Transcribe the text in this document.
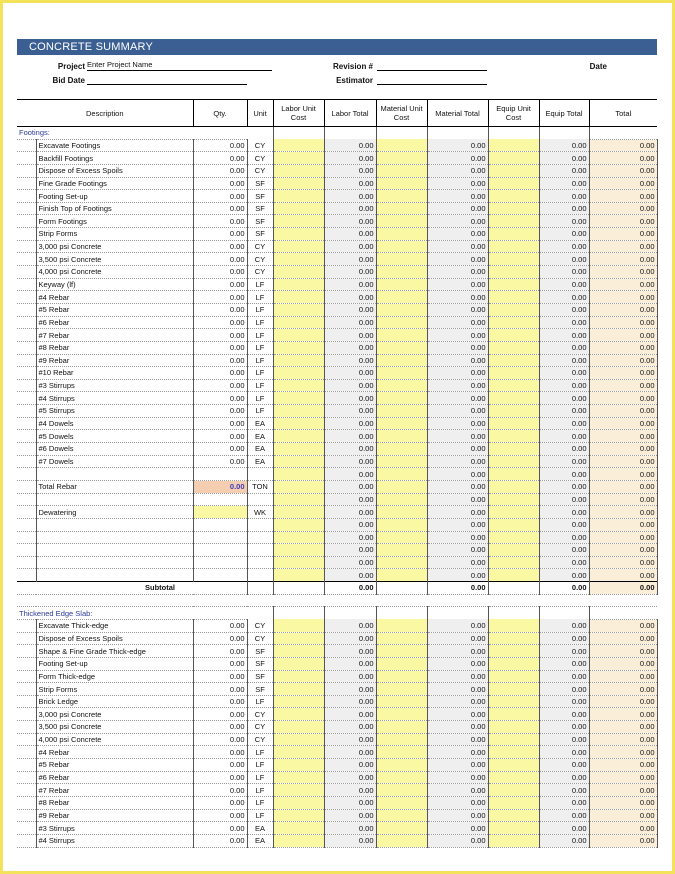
CONCRETE SUMMARY
Project Enter Project Name
Bid Date
Revision #
Estimator
Date
Description		Qty.	Unit	Labor Unit Cost	Labor Total	Material Unit Cost	Material Total	Equip Unit Cost	Equip Total	Total
Footings:										
	Excavate Footings	0.00	CY		0.00		0.00		0.00	0.00
	Backfill Footings	0.00	CY		0.00		0.00		0.00	0.00
	Dispose of Excess Spoils	0.00	CY		0.00		0.00		0.00	0.00
	Fine Grade Footings	0.00	SF		0.00		0.00		0.00	0.00
	Footing Set-up	0.00	SF		0.00		0.00		0.00	0.00
	Finish Top of Footings	0.00	SF		0.00		0.00		0.00	0.00
	Form Footings	0.00	SF		0.00		0.00		0.00	0.00
	Strip Forms	0.00	SF		0.00		0.00		0.00	0.00
	3,000 psi Concrete	0.00	CY		0.00		0.00		0.00	0.00
	3,500 psi Concrete	0.00	CY		0.00		0.00		0.00	0.00
	4,000 psi Concrete	0.00	CY		0.00		0.00		0.00	0.00
	Keyway (lf)	0.00	LF		0.00		0.00		0.00	0.00
	#4 Rebar	0.00	LF		0.00		0.00		0.00	0.00
	#5 Rebar	0.00	LF		0.00		0.00		0.00	0.00
	#6 Rebar	0.00	LF		0.00		0.00		0.00	0.00
	#7 Rebar	0.00	LF		0.00		0.00		0.00	0.00
	#8 Rebar	0.00	LF		0.00		0.00		0.00	0.00
	#9 Rebar	0.00	LF		0.00		0.00		0.00	0.00
	#10 Rebar	0.00	LF		0.00		0.00		0.00	0.00
	#3 Stirrups	0.00	LF		0.00		0.00		0.00	0.00
	#4 Stirrups	0.00	LF		0.00		0.00		0.00	0.00
	#5 Stirrups	0.00	LF		0.00		0.00		0.00	0.00
	#4 Dowels	0.00	EA		0.00		0.00		0.00	0.00
	#5 Dowels	0.00	EA		0.00		0.00		0.00	0.00
	#6 Dowels	0.00	EA		0.00		0.00		0.00	0.00
	#7 Dowels	0.00	EA		0.00		0.00		0.00	0.00
					0.00		0.00		0.00	0.00
	Total Rebar	0.00	TON		0.00		0.00		0.00	0.00
					0.00		0.00		0.00	0.00
	Dewatering		WK		0.00		0.00		0.00	0.00
					0.00		0.00		0.00	0.00
					0.00		0.00		0.00	0.00
					0.00		0.00		0.00	0.00
					0.00		0.00		0.00	0.00
					0.00		0.00		0.00	0.00
Subtotal					0.00		0.00		0.00	0.00

Thickened Edge Slab:										
	Excavate Thick-edge	0.00	CY		0.00		0.00		0.00	0.00
	Dispose of Excess Spoils	0.00	CY		0.00		0.00		0.00	0.00
	Shape & Fine Grade Thick-edge	0.00	SF		0.00		0.00		0.00	0.00
	Footing Set-up	0.00	SF		0.00		0.00		0.00	0.00
	Form Thick-edge	0.00	SF		0.00		0.00		0.00	0.00
	Strip Forms	0.00	SF		0.00		0.00		0.00	0.00
	Brick Ledge	0.00	LF		0.00		0.00		0.00	0.00
	3,000 psi Concrete	0.00	CY		0.00		0.00		0.00	0.00
	3,500 psi Concrete	0.00	CY		0.00		0.00		0.00	0.00
	4,000 psi Concrete	0.00	CY		0.00		0.00		0.00	0.00
	#4 Rebar	0.00	LF		0.00		0.00		0.00	0.00
	#5 Rebar	0.00	LF		0.00		0.00		0.00	0.00
	#6 Rebar	0.00	LF		0.00		0.00		0.00	0.00
	#7 Rebar	0.00	LF		0.00		0.00		0.00	0.00
	#8 Rebar	0.00	LF		0.00		0.00		0.00	0.00
	#9 Rebar	0.00	LF		0.00		0.00		0.00	0.00
	#3 Stirrups	0.00	EA		0.00		0.00		0.00	0.00
	#4 Stirrups	0.00	EA		0.00		0.00		0.00	0.00
